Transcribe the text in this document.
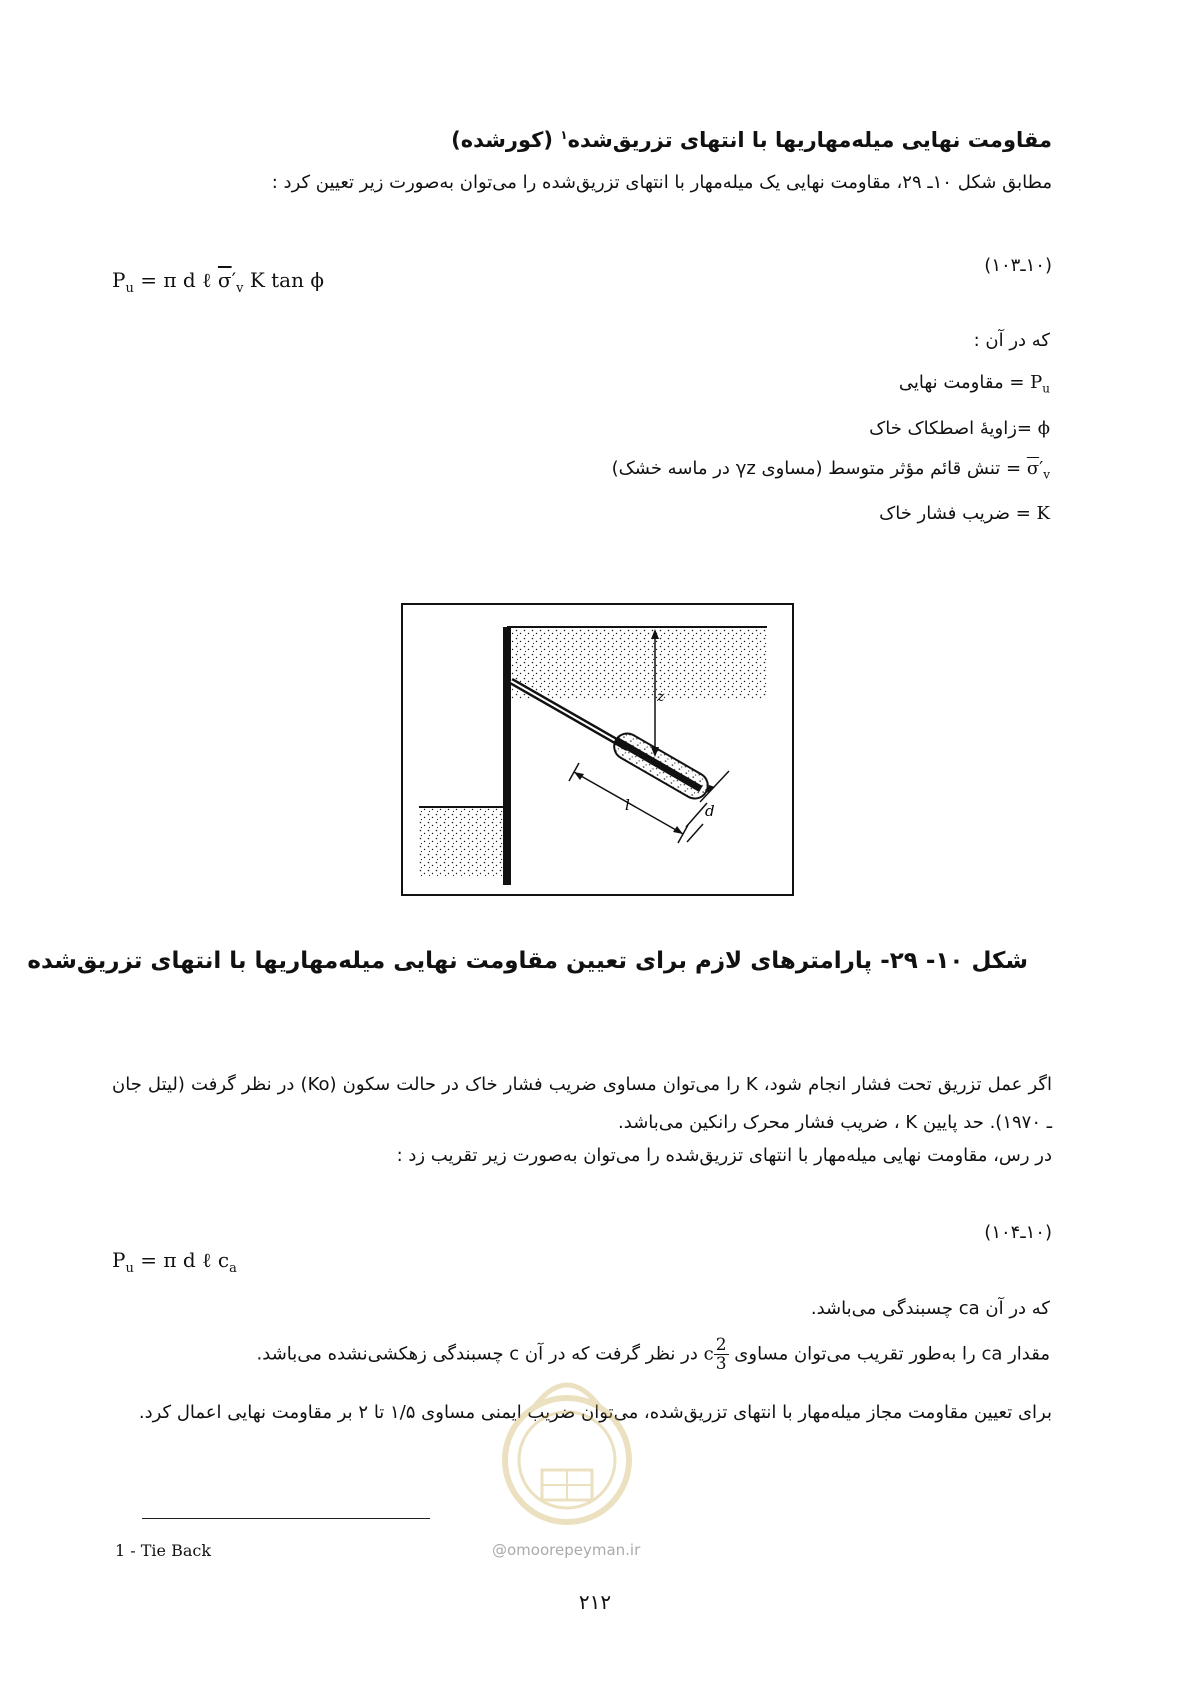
مقاومت نهایی میله‌مهاریها با انتهای تزریق‌شده$^۱$ (کورشده)
مطابق شکل ۱۰ـ ۲۹، مقاومت نهایی یک میله‌مهار با انتهای تزریق‌شده را می‌توان به‌صورت زیر تعیین کرد :
$P_u = \pi$ d ℓ $\overline{\sigma}'_v$ K tan ϕ
(۱۰ـ۱۰۳)
که در آن :
$P_u$ = مقاومت نهایی
ϕ =زاویهٔ اصطکاک خاک
$\sigma'_v$ = تنش قائم مؤثر متوسط (مساوی γz در ماسه خشک)
K = ضریب فشار خاک
z
l	d
شکل ۱۰- ۲۹- پارامترهای لازم برای تعیین مقاومت نهایی میله‌مهاریها با انتهای تزریق‌شده
اگر عمل تزریق تحت فشار انجام شود، K را می‌توان مساوی ضریب فشار خاک در حالت سکون (Ko) در نظر گرفت (لیتل جان ـ ۱۹۷۰). حد پایین K ، ضریب فشار محرک رانکین می‌باشد.
در رس، مقاومت نهایی میله‌مهار با انتهای تزریق‌شده را می‌توان به‌صورت زیر تقریب زد :
$P_u = \pi$ d ℓ $c_a$
(۱۰ـ۱۰۴)
که در آن ca چسبندگی می‌باشد.
مقدار ca را به‌طور تقریب می‌توان مساوی
$\frac{2}{3}$
c در نظر گرفت که در آن c چسبندگی زهکشی‌نشده می‌باشد.
برای تعیین مقاومت مجاز میله‌مهار با انتهای تزریق‌شده، می‌توان ضریب ایمنی مساوی ۱/۵ تا ۲ بر مقاومت نهایی اعمال کرد.
@omoorepeyman.ir
1 - Tie Back
۲۱۲
